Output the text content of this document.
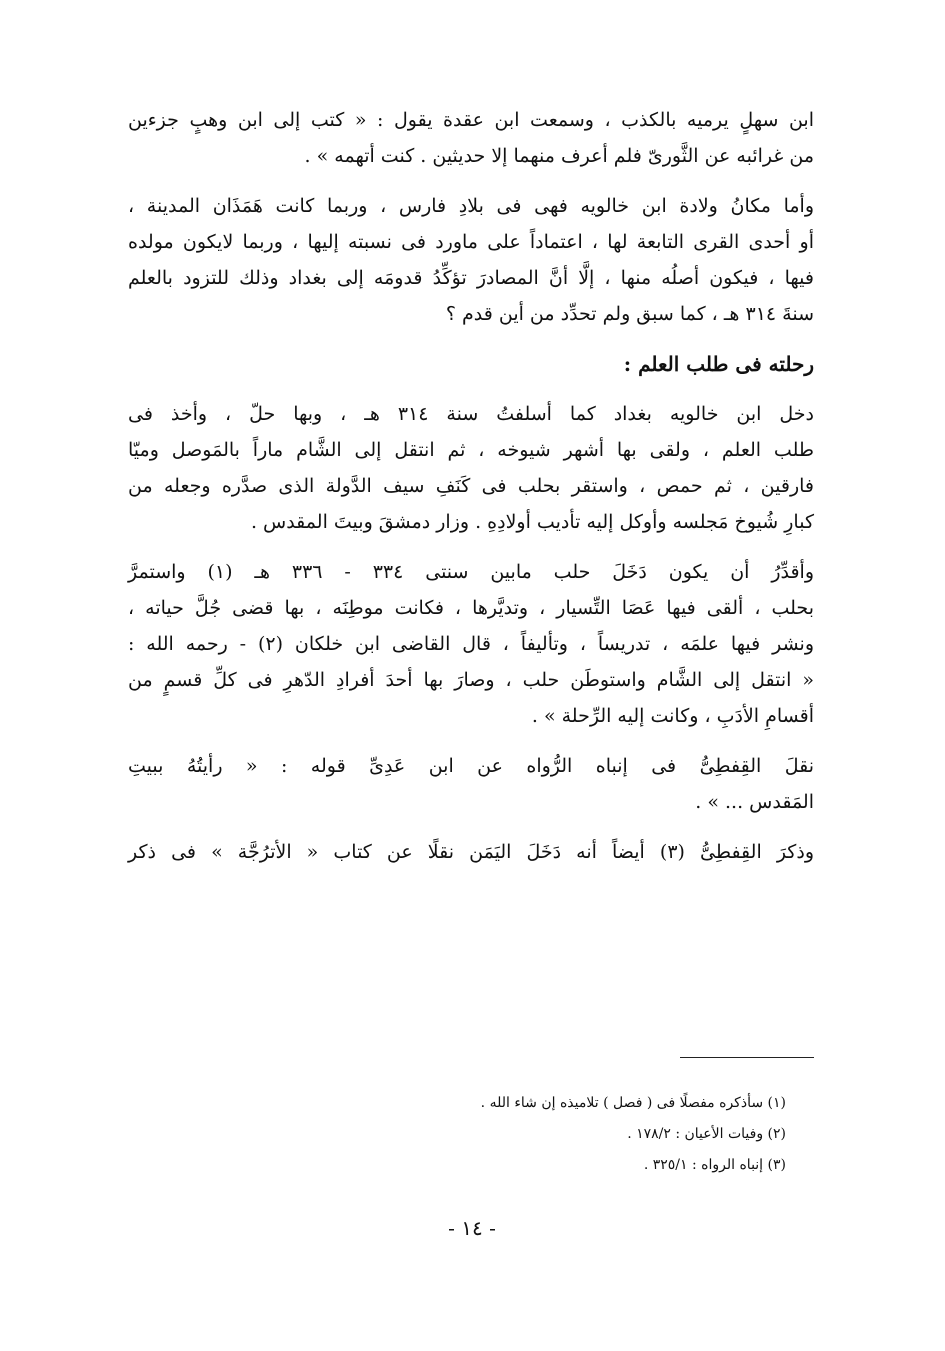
ابن سهلٍ يرميه بالكذب ، وسمعت ابن عقدة يقول : « كتب إلى ابن وهبٍ جزءين
من غرائبه عن الثَّورىّ فلم أعرف منهما إلا حديثين . كنت أتهمه » .
وأما مكانُ ولادة ابن خالويه فهى فى بلادِ فارس ، وربما كانت هَمَذَان المدينة ،
أو أحدى القرى التابعة لها ، اعتماداً على ماورد فى نسبته إليها ، وربما لايكون مولده
فيها ، فيكون أصلُه منها ، إلَّا أنَّ المصادرَ تؤكِّدُ قدومَه إلى بغداد وذلك للتزود بالعلم
سنةَ ٣١٤ هـ ، كما سبق ولم تحدِّد من أين قدم ؟
رحلته فى طلب العلم :
دخل ابن خالويه بغداد كما أسلفتُ سنة ٣١٤ هـ ، وبها حلّ ، وأخذ فى
طلب العلم ، ولقى بها أشهر شيوخه ، ثم انتقل إلى الشَّام ماراً بالمَوصل وميّا
فارقين ، ثم حمص ، واستقر بحلب فى كَنَفِ سيف الدَّولة الذى صدَّره وجعله من
كبارِ شُيوخ مَجلسه وأوكل إليه تأديب أولادِهِ . وزار دمشقَ وبيتَ المقدس .
وأقدِّرُ أن يكون دَخَلَ حلب مابين سنتى ٣٣٤ - ٣٣٦ هـ (١) واستمرَّ
بحلب ، ألقى فيها عَصَا التِّسيار ، وتديَّرها ، فكانت موطِنَه ، بها قضى جُلَّ حياته ،
ونشر فيها علمَه ، تدريساً ، وتأليفاً ، قال القاضى ابن خلكان (٢) - رحمه الله :
« انتقل إلى الشَّام واستوطَن حلب ، وصارَ بها أحدَ أفرادِ الدّهرِ فى كلِّ قسمٍ من
أقسامِ الأدَبِ ، وكانت إليه الرِّحلة » .
نقلَ القِفطِىُّ فى إنباه الرُّواه عن ابن عَدِىِّ قوله : « رأيتُهُ ببيتِ
المَقدس ... » .
وذكرَ القِفطِىُّ (٣) أيضاً أنه دَخَلَ اليَمَن نقلًا عن كتاب « الأترُجَّة » فى ذكر
(١) سأذكره مفصلًا فى ( فصل ) تلاميذه إن شاء الله .
(٢) وفيات الأعيان : ١٧٨/٢ .
(٣) إنباه الرواه : ٣٢٥/١ .
- ١٤ -
